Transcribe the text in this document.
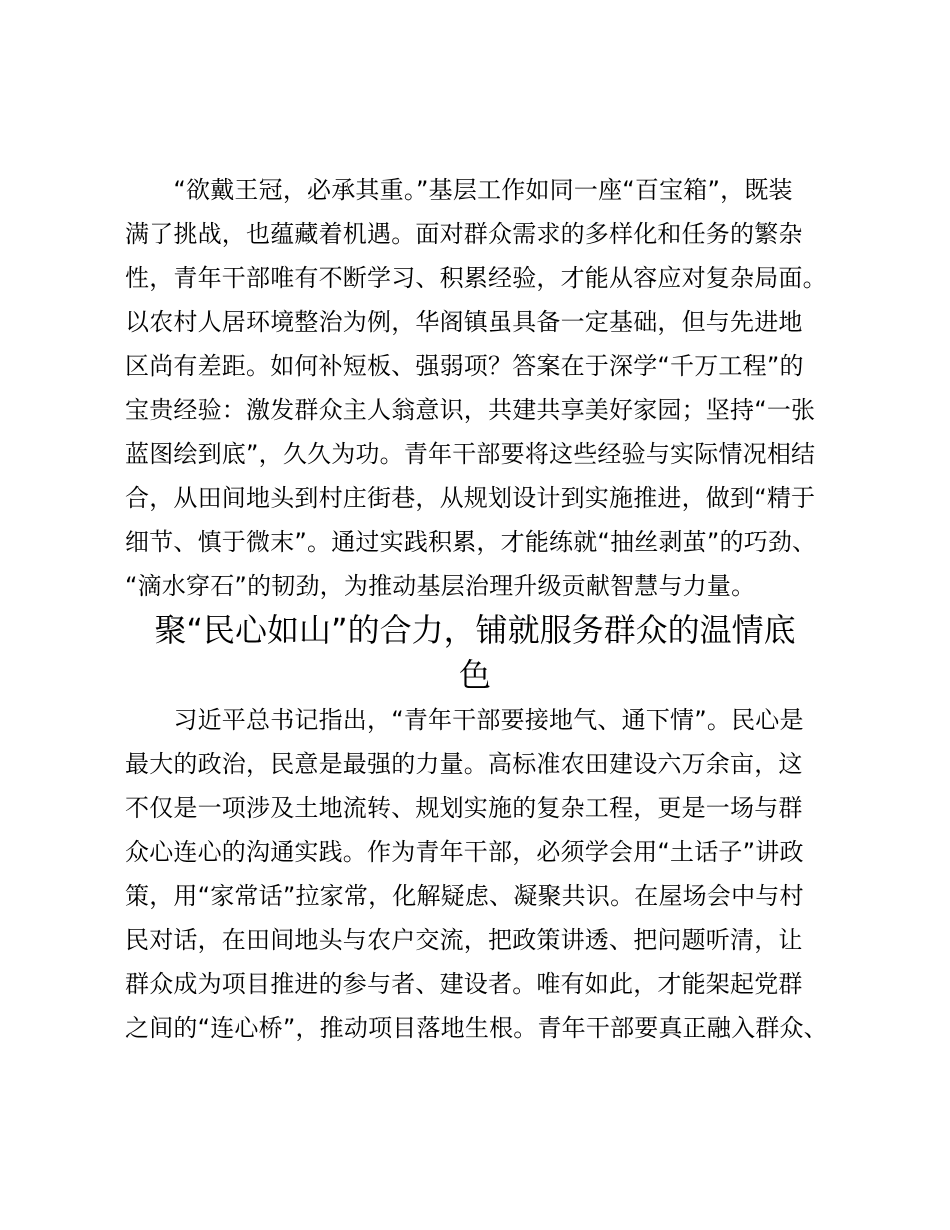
　　“欲戴王冠，必承其重。”基层工作如同一座“百宝箱”，既装
满了挑战，也蕴藏着机遇。面对群众需求的多样化和任务的繁杂
性，青年干部唯有不断学习、积累经验，才能从容应对复杂局面。
以农村人居环境整治为例，华阁镇虽具备一定基础，但与先进地
区尚有差距。如何补短板、强弱项？答案在于深学“千万工程”的
宝贵经验：激发群众主人翁意识，共建共享美好家园；坚持“一张
蓝图绘到底”，久久为功。青年干部要将这些经验与实际情况相结
合，从田间地头到村庄街巷，从规划设计到实施推进，做到“精于
细节、慎于微末”。通过实践积累，才能练就“抽丝剥茧”的巧劲、
“滴水穿石”的韧劲，为推动基层治理升级贡献智慧与力量。
聚“民心如山”的合力，铺就服务群众的温情底
色
　　习近平总书记指出，“青年干部要接地气、通下情”。民心是
最大的政治，民意是最强的力量。高标准农田建设六万余亩，这
不仅是一项涉及土地流转、规划实施的复杂工程，更是一场与群
众心连心的沟通实践。作为青年干部，必须学会用“土话子”讲政
策，用“家常话”拉家常，化解疑虑、凝聚共识。在屋场会中与村
民对话，在田间地头与农户交流，把政策讲透、把问题听清，让
群众成为项目推进的参与者、建设者。唯有如此，才能架起党群
之间的“连心桥”，推动项目落地生根。青年干部要真正融入群众、
